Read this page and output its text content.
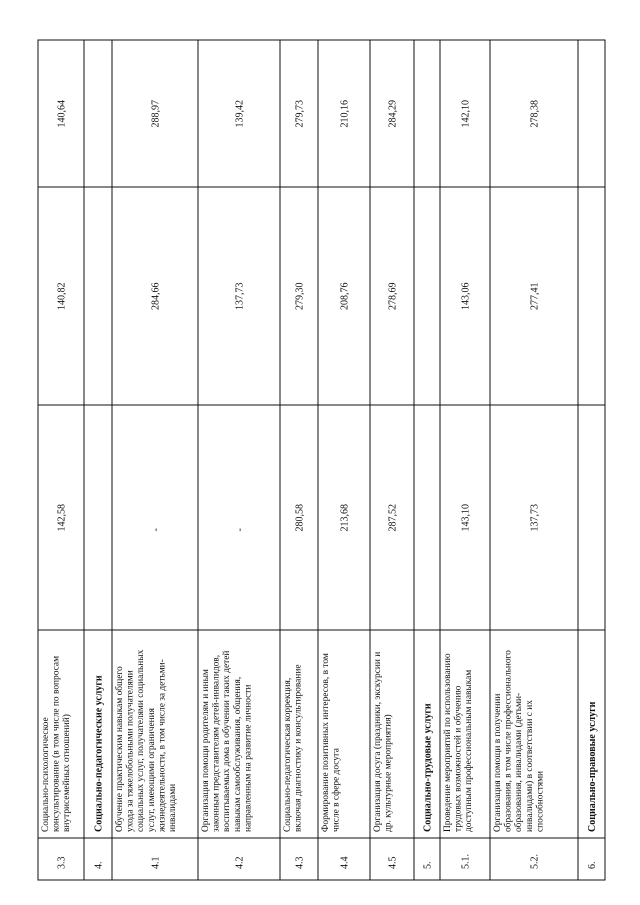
3.3
Социально-психологическое консультирование (в том числе по вопросам внутрисемейных отношений)
142,58
140,82
140,64
4.
Социально-педагогические услуги
4.1
Обучение практическим навыкам общего ухода за тяжелобольными получателями социальных услуг, получателями социальных услуг, имеющими ограничения жизнедеятельности, в том числе за детьми- инвалидами
-
284,66
288,97
4.2
Организация помощи родителям и иным законным представителям детей-инвалидов, воспитываемых дома в обучении таких детей навыкам самообслуживания, общения, направленным на развитие личности
-
137,73
139,42
4.3
Социально-педагогическая коррекция, включая диагностику и консультирование
280,58
279,30
279,73
4.4
Формирование позитивных интересов, в том числе в сфере досуга
213,68
208,76
210,16
4.5
Организация досуга (праздники, экскурсии и др. культурные мероприятия)
287,52
278,69
284,29
5.
Социально-трудовые услуги
5.1.
Проведение мероприятий по использованию трудовых возможностей и обучению доступным профессиональным навыкам
143,10
143,06
142,10
5.2.
Организация помощи в получении образования, в том числе профессионального образования, инвалидами (детьми- инвалидами) в соответствии с их способностями
137,73
277,41
278,38
6.
Социально-правовые услуги
